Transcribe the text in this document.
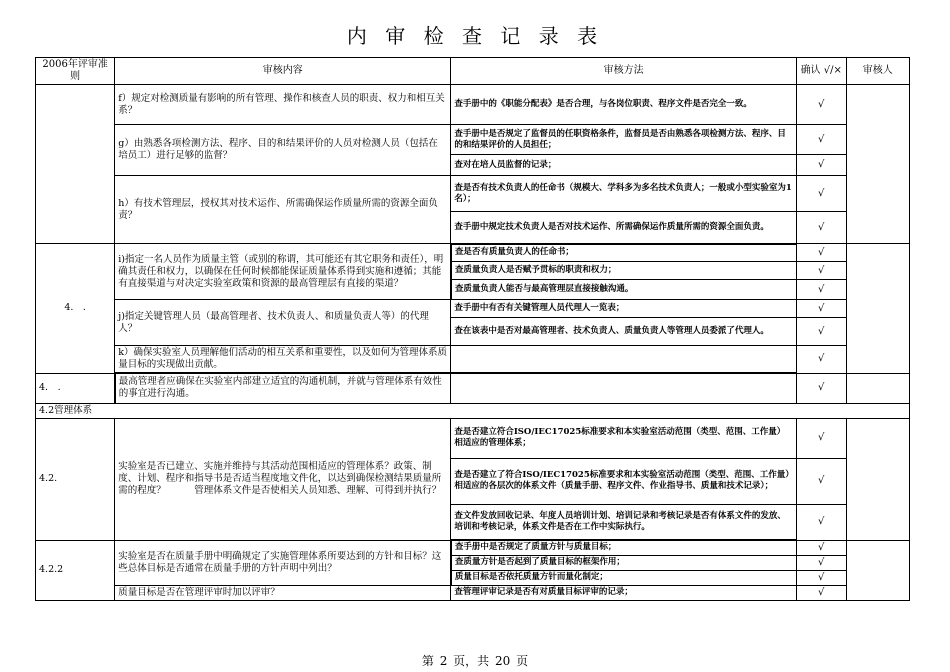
内 审 检 查 记 录 表
2006年评审准则	审核内容	审核方法	确认 √/×	审核人
	f）规定对检测质量有影响的所有管理、操作和核查人员的职责、权力和相互关系？	查手册中的《职能分配表》是否合理，与各岗位职责、程序文件是否完全一致。	√	
	g）由熟悉各项检测方法、程序、目的和结果评价的人员对检测人员（包括在培员工）进行足够的监督？	查手册中是否规定了监督员的任职资格条件，监督员是否由熟悉各项检测方法、程序、目的和结果评价的人员担任；	√	
		查对在培人员监督的记录；	√	
	h）有技术管理层，授权其对技术运作、所需确保运作质量所需的资源全面负责？	查是否有技术负责人的任命书（规模大、学科多为多名技术负责人；一般或小型实验室为1名）；	√	
		查手册中规定技术负责人是否对技术运作、所需确保运作质量所需的资源全面负责。	√	
4.　.	i)指定一名人员作为质量主管（或别的称谓，其可能还有其它职务和责任），明确其责任和权力，以确保在任何时候都能保证质量体系得到实施和遵循；其能有直接渠道与对决定实验室政策和资源的最高管理层有直接的渠道？	查是否有质量负责人的任命书；	√	
		查质量负责人是否赋予贯标的职责和权力；	√	
		查质量负责人能否与最高管理层直接接触沟通。	√	
	j)指定关键管理人员（最高管理者、技术负责人、和质量负责人等）的代理人？	查手册中有否有关键管理人员代理人一览表；	√	
		查在该表中是否对最高管理者、技术负责人、质量负责人等管理人员委派了代理人。	√	
	k）确保实验室人员理解他们活动的相互关系和重要性，以及如何为管理体系质量目标的实现做出贡献。		√	
4.　.	最高管理者应确保在实验室内部建立适宜的沟通机制，并就与管理体系有效性的事宜进行沟通。		√	
4.2管理体系				
4.2.	实验室是否已建立、实施并维持与其活动范围相适应的管理体系？政策、制度、计划、程序和指导书是否适当程度地文件化，以达到确保检测结果质量所需的程度？　　　管理体系文件是否使相关人员知悉、理解、可得到并执行？	查是否建立符合ISO/IEC17025标准要求和本实验室活动范围（类型、范围、工作量）相适应的管理体系；	√	
		查是否建立了符合ISO/IEC17025标准要求和本实验室活动范围（类型、范围、工作量）相适应的各层次的体系文件（质量手册、程序文件、作业指导书、质量和技术记录）；	√	
		查文件发放回收记录、年度人员培训计划、培训记录和考核记录是否有体系文件的发放、培训和考核记录，体系文件是否在工作中实际执行。	√	
4.2.2	实验室是否在质量手册中明确规定了实施管理体系所要达到的方针和目标？这些总体目标是否通常在质量手册的方针声明中列出？	查手册中是否规定了质量方针与质量目标；	√	
		查质量方针是否起到了质量目标的框架作用；	√	
		质量目标是否依托质量方针而量化制定；	√	
	质量目标是否在管理评审时加以评审？	查管理评审记录是否有对质量目标评审的记录；	√	
第 2 页，共 20 页
